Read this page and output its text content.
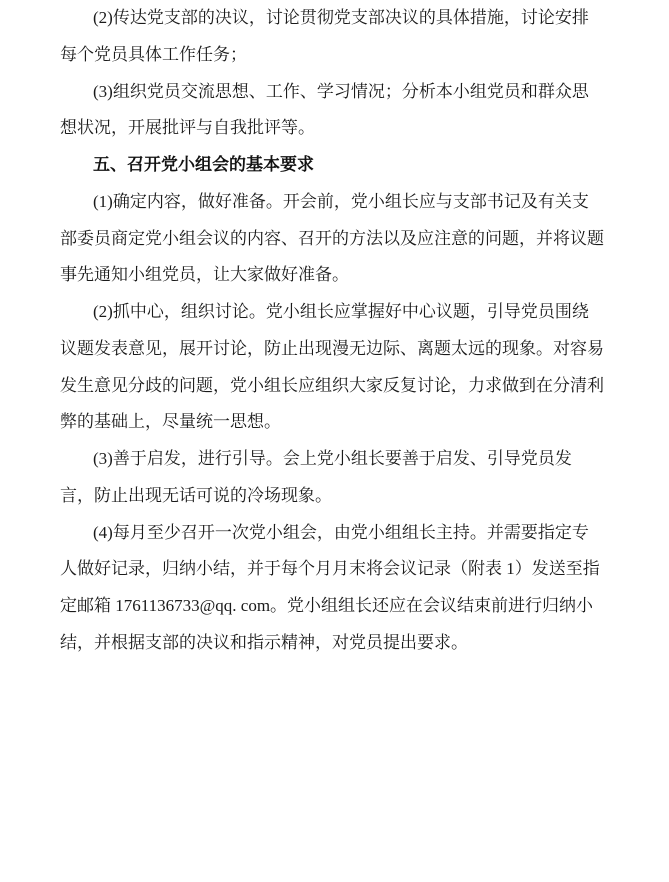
(2)传达党支部的决议，讨论贯彻党支部决议的具体措施，讨论安排
每个党员具体工作任务；
(3)组织党员交流思想、工作、学习情况；分析本小组党员和群众思
想状况，开展批评与自我批评等。
五、召开党小组会的基本要求
(1)确定内容，做好准备。开会前，党小组长应与支部书记及有关支
部委员商定党小组会议的内容、召开的方法以及应注意的问题，并将议题
事先通知小组党员，让大家做好准备。
(2)抓中心，组织讨论。党小组长应掌握好中心议题，引导党员围绕
议题发表意见，展开讨论，防止出现漫无边际、离题太远的现象。对容易
发生意见分歧的问题，党小组长应组织大家反复讨论，力求做到在分清利
弊的基础上，尽量统一思想。
(3)善于启发，进行引导。会上党小组长要善于启发、引导党员发
言，防止出现无话可说的冷场现象。
(4)每月至少召开一次党小组会，由党小组组长主持。并需要指定专
人做好记录，归纳小结，并于每个月月末将会议记录（附表 1）发送至指
定邮箱 1761136733@qq. com。党小组组长还应在会议结束前进行归纳小
结，并根据支部的决议和指示精神，对党员提出要求。
